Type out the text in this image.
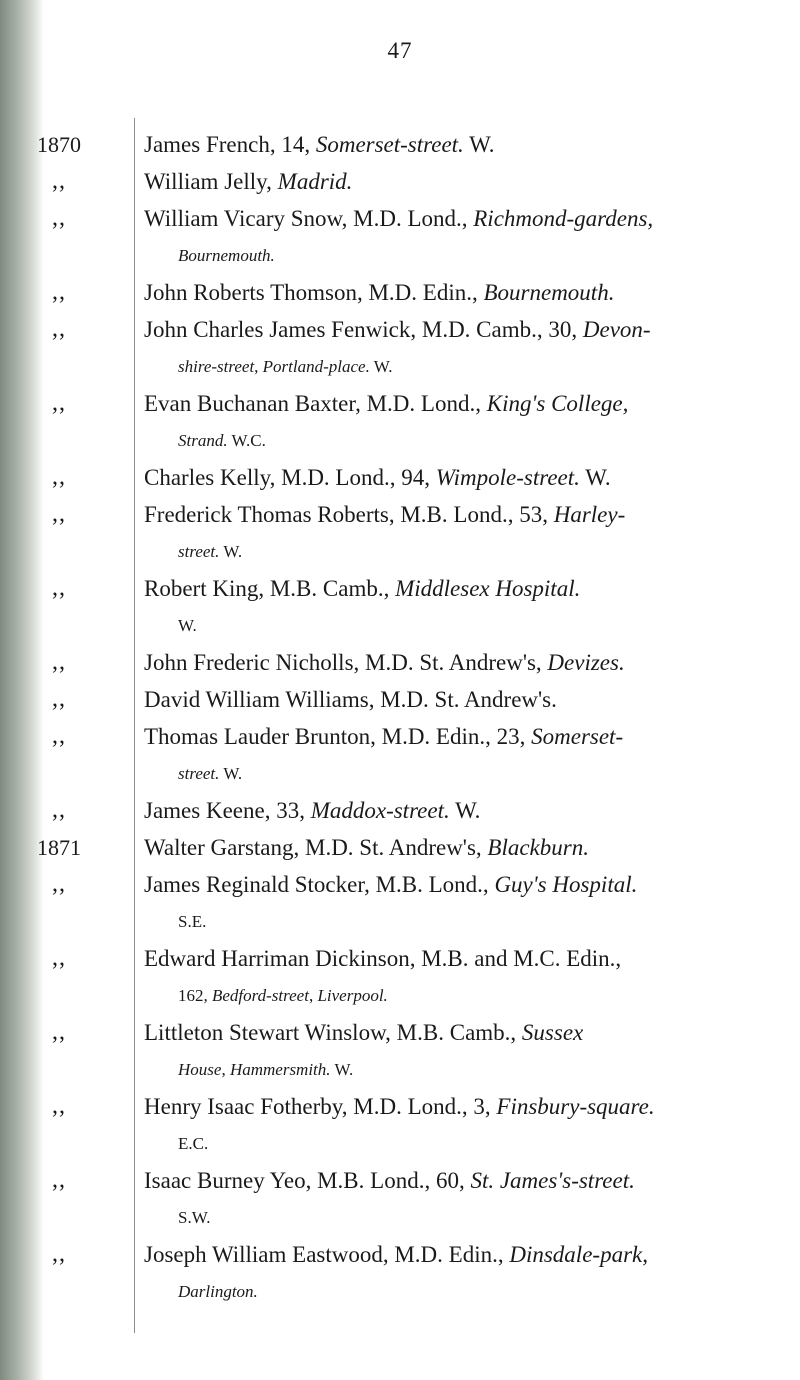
47
1870	James French, 14, Somerset-street. W.
,,	William Jelly, Madrid.
,,	William Vicary Snow, M.D. Lond., Richmond-gardens,
Bournemouth.
,,	John Roberts Thomson, M.D. Edin., Bournemouth.
,,	John Charles James Fenwick, M.D. Camb., 30, Devon-
shire-street, Portland-place. W.
,,	Evan Buchanan Baxter, M.D. Lond., King's College,
Strand. W.C.
,,	Charles Kelly, M.D. Lond., 94, Wimpole-street. W.
,,	Frederick Thomas Roberts, M.B. Lond., 53, Harley-
street. W.
,,	Robert King, M.B. Camb., Middlesex Hospital.
W.
,,	John Frederic Nicholls, M.D. St. Andrew's, Devizes.
,,	David William Williams, M.D. St. Andrew's.
,,	Thomas Lauder Brunton, M.D. Edin., 23, Somerset-
street. W.
,,	James Keene, 33, Maddox-street. W.
1871	Walter Garstang, M.D. St. Andrew's, Blackburn.
,,	James Reginald Stocker, M.B. Lond., Guy's Hospital.
S.E.
,,	Edward Harriman Dickinson, M.B. and M.C. Edin.,
162, Bedford-street, Liverpool.
,,	Littleton Stewart Winslow, M.B. Camb., Sussex
House, Hammersmith. W.
,,	Henry Isaac Fotherby, M.D. Lond., 3, Finsbury-square.
E.C.
,,	Isaac Burney Yeo, M.B. Lond., 60, St. James's-street.
S.W.
,,	Joseph William Eastwood, M.D. Edin., Dinsdale-park,
Darlington.
